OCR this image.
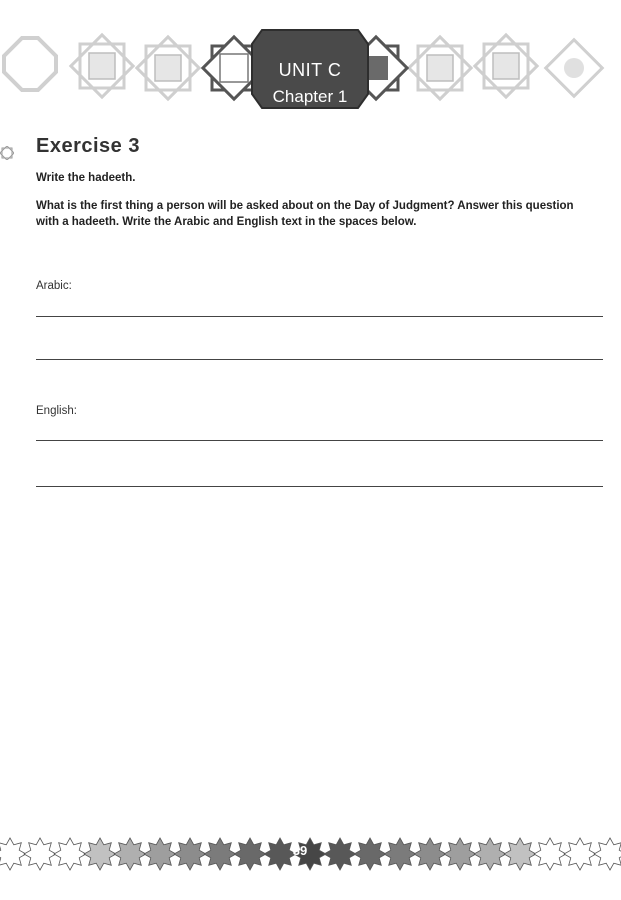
UNIT C
Chapter 1
Exercise 3
Write the hadeeth.
What is the first thing a person will be asked about on the Day of Judgment? Answer this question with a hadeeth. Write the Arabic and English text in the spaces below.
Arabic:
English:
39
